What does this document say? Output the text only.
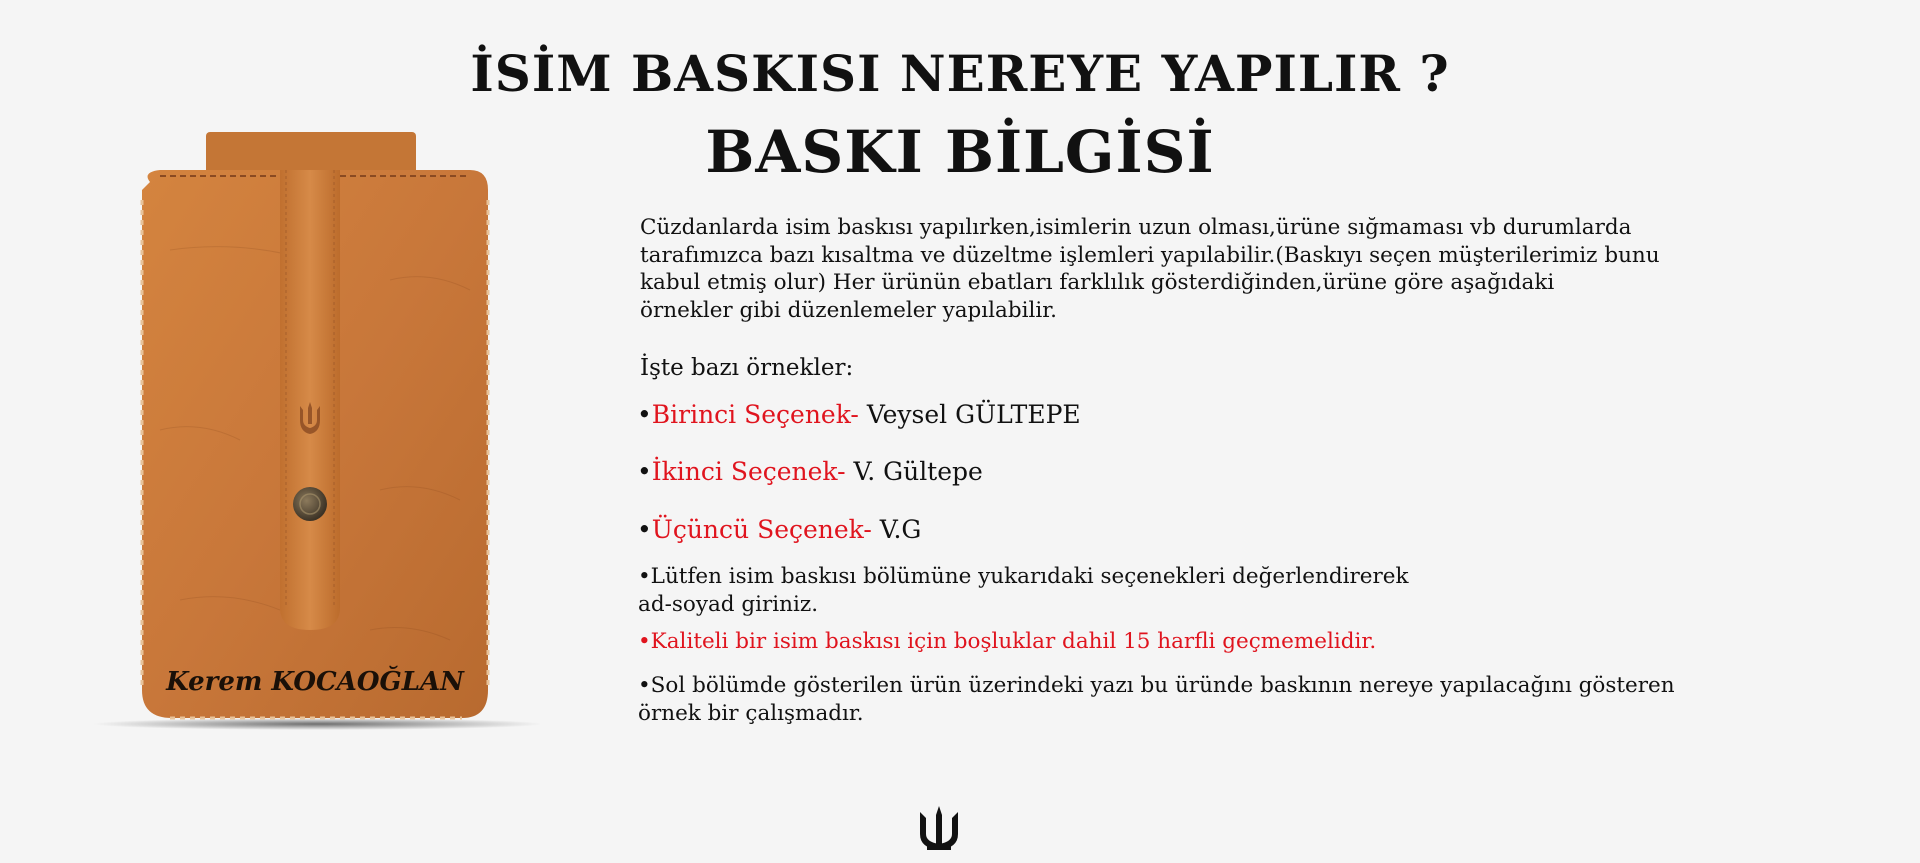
İSİM BASKISI NEREYE YAPILIR ?
BASKI BİLGİSİ
Kerem KOCAOĞLAN

Cüzdanlarda isim baskısı yapılırken,isimlerin uzun olması,ürüne sığmaması vb durumlarda
tarafımızca bazı kısaltma ve düzeltme işlemleri yapılabilir.(Baskıyı seçen müşterilerimiz bunu
kabul etmiş olur) Her ürünün ebatları farklılık gösterdiğinden,ürüne göre aşağıdaki
örnekler gibi düzenlemeler yapılabilir.

İşte bazı örnekler:

•Birinci Seçenek- Veysel GÜLTEPE

•İkinci Seçenek- V. Gültepe

•Üçüncü Seçenek- V.G

•Lütfen isim baskısı bölümüne yukarıdaki seçenekleri değerlendirerek
ad-soyad giriniz.

•Kaliteli bir isim baskısı için boşluklar dahil 15 harfli geçmemelidir.

•Sol bölümde gösterilen ürün üzerindeki yazı bu üründe baskının nereye yapılacağını gösteren
örnek bir çalışmadır.
